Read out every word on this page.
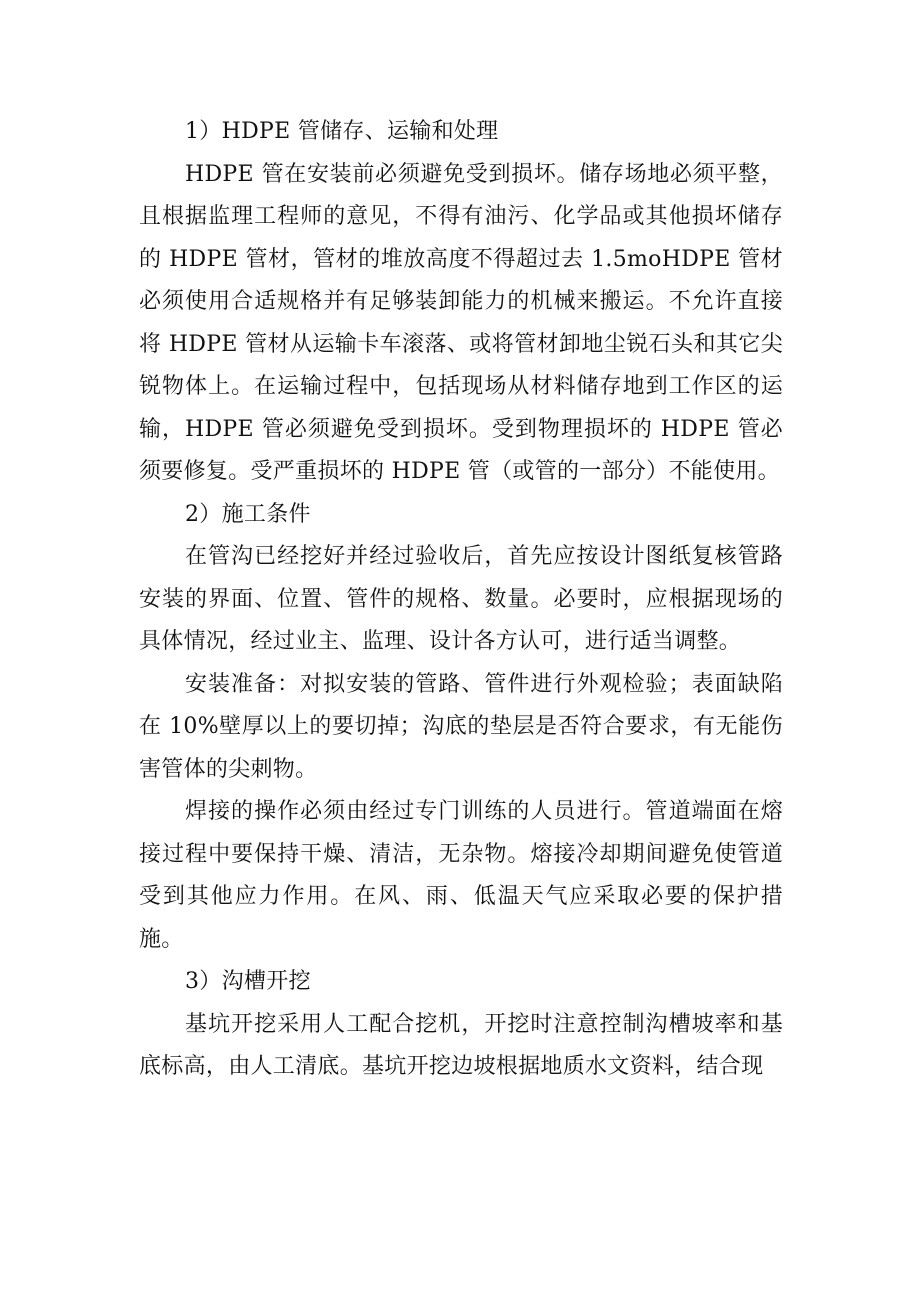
1）HDPE 管储存、运输和处理

HDPE 管在安装前必须避免受到损坏。储存场地必须平整，且根据监理工程师的意见，不得有油污、化学品或其他损坏储存的 HDPE 管材，管材的堆放高度不得超过去 1.5moHDPE 管材必须使用合适规格并有足够装卸能力的机械来搬运。不允许直接将 HDPE 管材从运输卡车滚落、或将管材卸地尘锐石头和其它尖锐物体上。在运输过程中，包括现场从材料储存地到工作区的运输，HDPE 管必须避免受到损坏。受到物理损坏的 HDPE 管必须要修复。受严重损坏的 HDPE 管（或管的一部分）不能使用。

2）施工条件

在管沟已经挖好并经过验收后，首先应按设计图纸复核管路安装的界面、位置、管件的规格、数量。必要时，应根据现场的具体情况，经过业主、监理、设计各方认可，进行适当调整。

安装准备：对拟安装的管路、管件进行外观检验；表面缺陷在 10%壁厚以上的要切掉；沟底的垫层是否符合要求，有无能伤害管体的尖刺物。

焊接的操作必须由经过专门训练的人员进行。管道端面在熔接过程中要保持干燥、清洁，无杂物。熔接冷却期间避免使管道受到其他应力作用。在风、雨、低温天气应采取必要的保护措施。

3）沟槽开挖

基坑开挖采用人工配合挖机，开挖时注意控制沟槽坡率和基底标高，由人工清底。基坑开挖边坡根据地质水文资料，结合现
